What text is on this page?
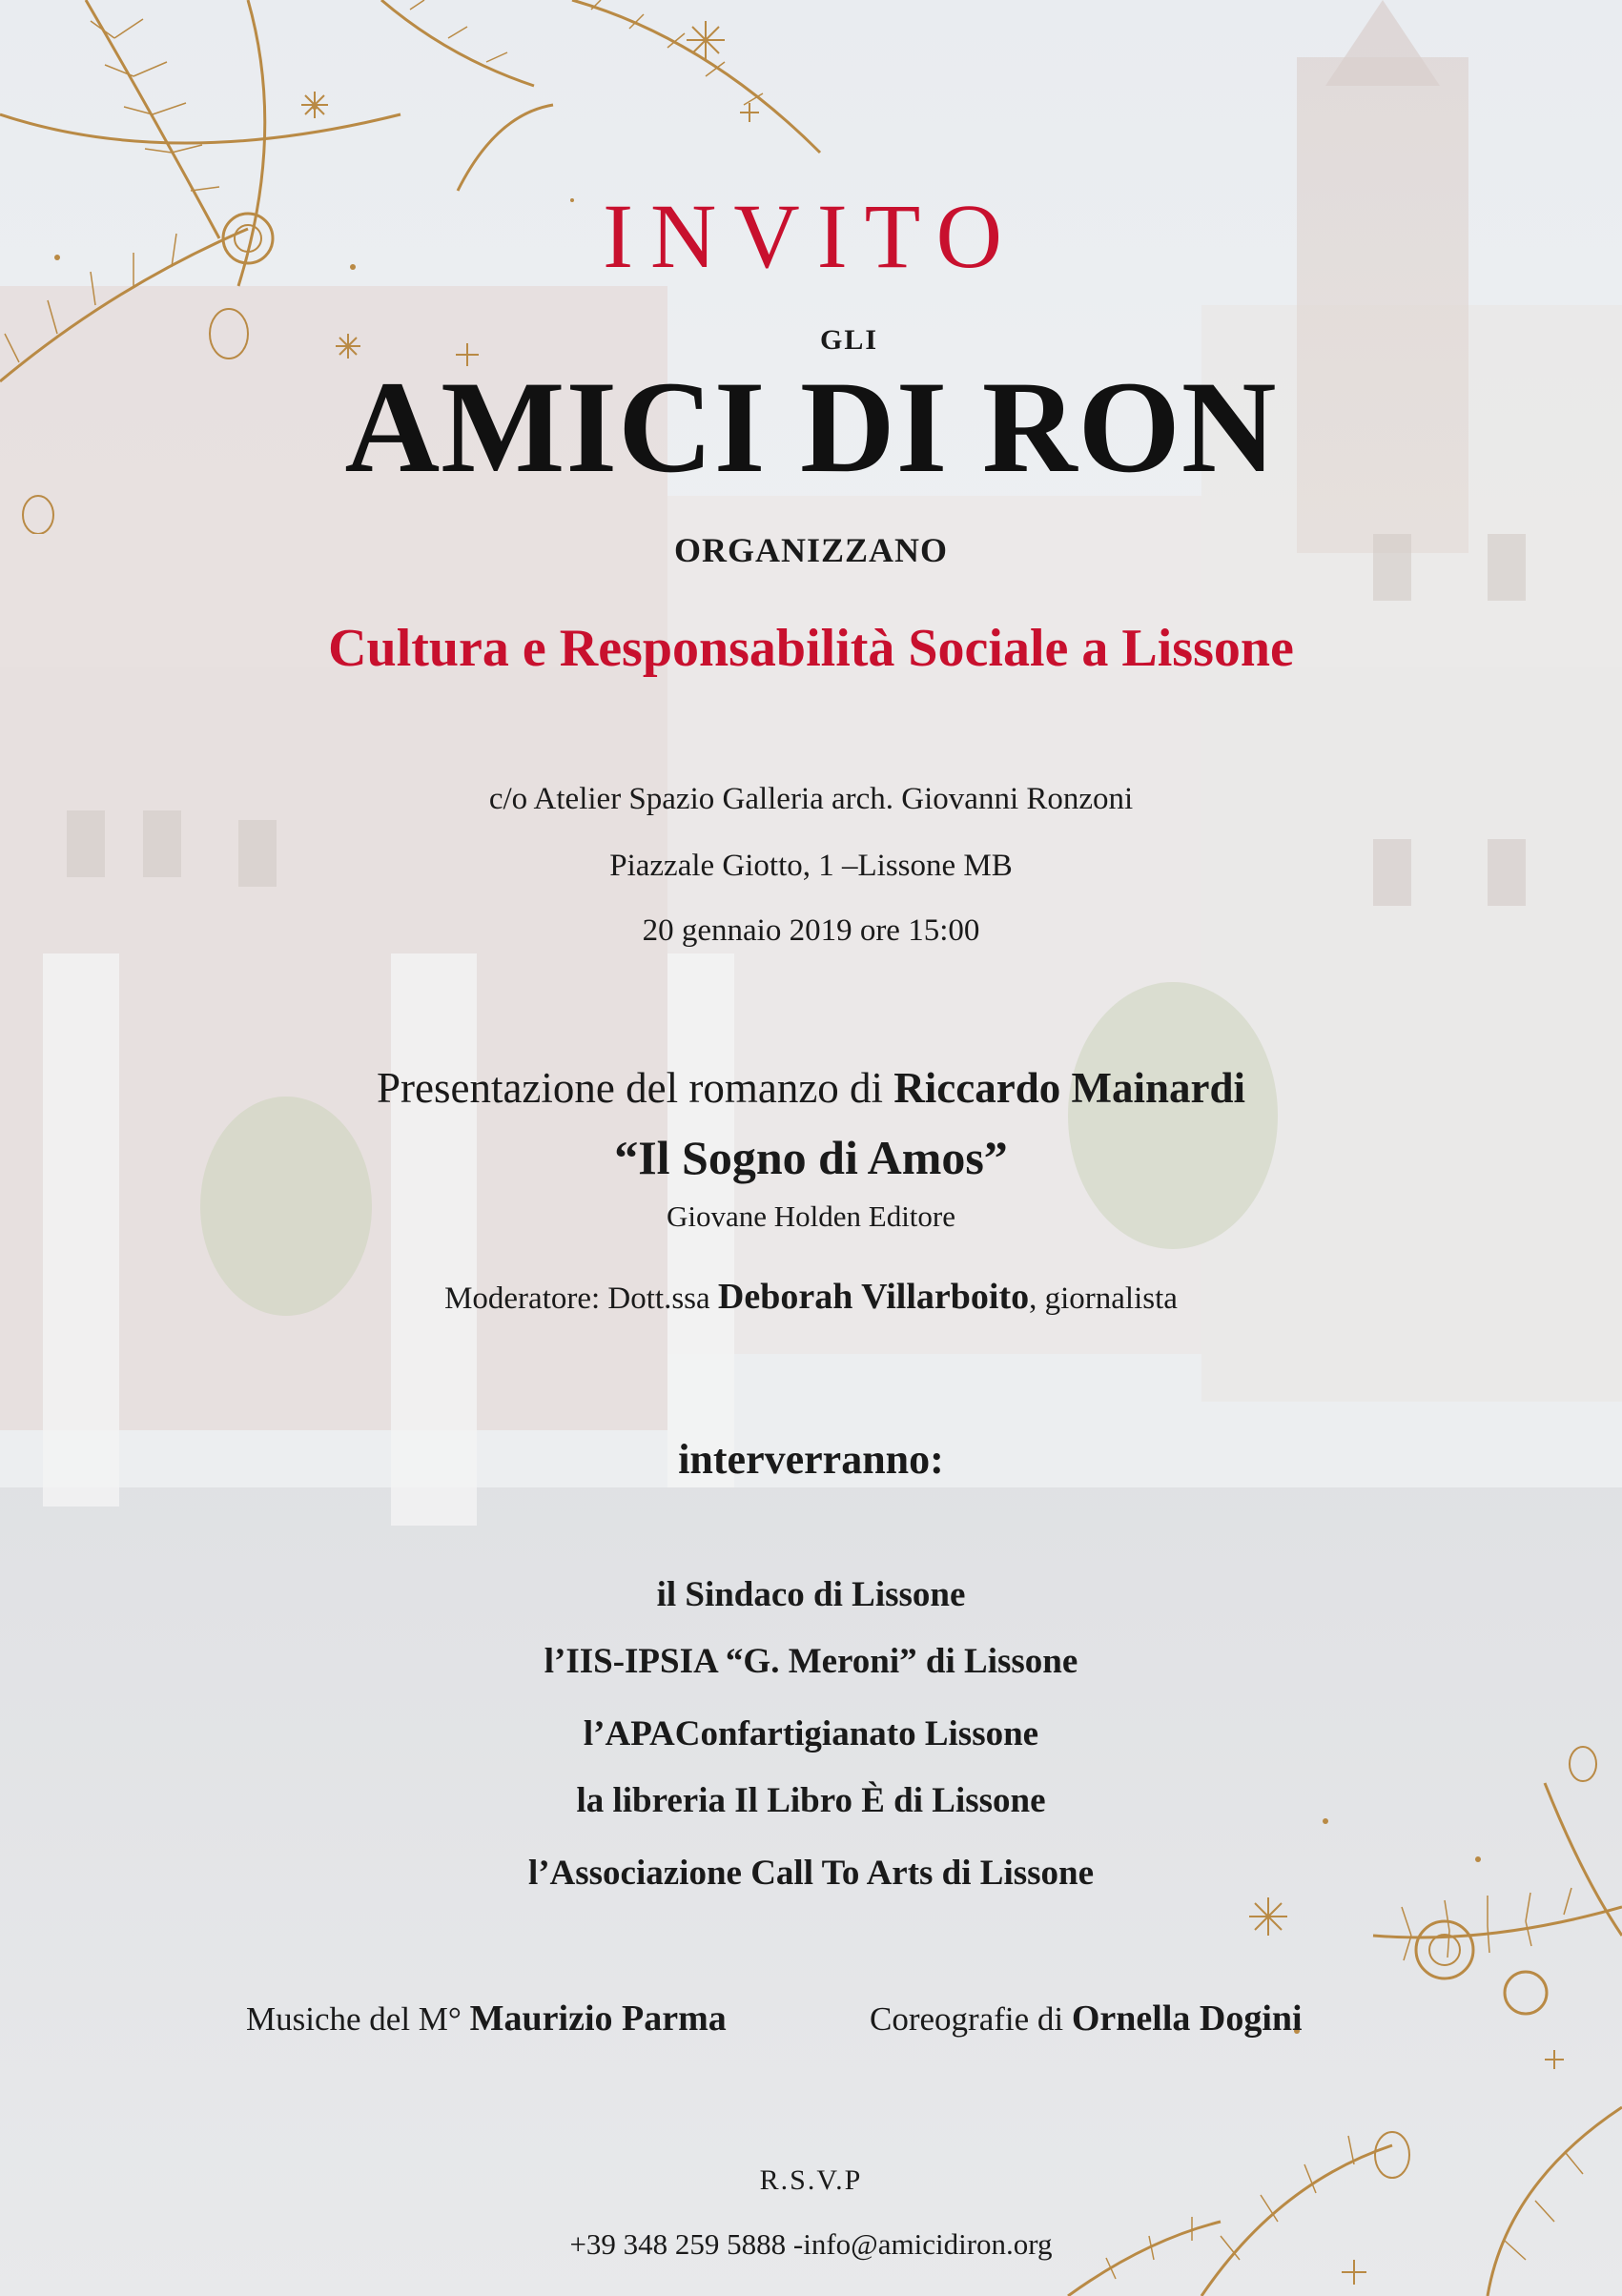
INVITO
GLI
AMICI DI RON
ORGANIZZANO
Cultura e Responsabilità Sociale a Lissone
c/o Atelier Spazio Galleria arch. Giovanni Ronzoni
Piazzale Giotto, 1 –Lissone MB
20 gennaio 2019 ore 15:00
Presentazione del romanzo di Riccardo Mainardi
“Il Sogno di Amos”
Giovane Holden Editore
Moderatore: Dott.ssa Deborah Villarboito, giornalista
interverranno:
il Sindaco di Lissone
l’IIS-IPSIA “G. Meroni” di Lissone
l’APAConfartigianato Lissone
la libreria Il Libro È di Lissone
l’Associazione Call To Arts di Lissone
Musiche del M° Maurizio Parma	Coreografie di Ornella Dogini
R.S.V.P
+39 348 259 5888 -info@amicidiron.org
